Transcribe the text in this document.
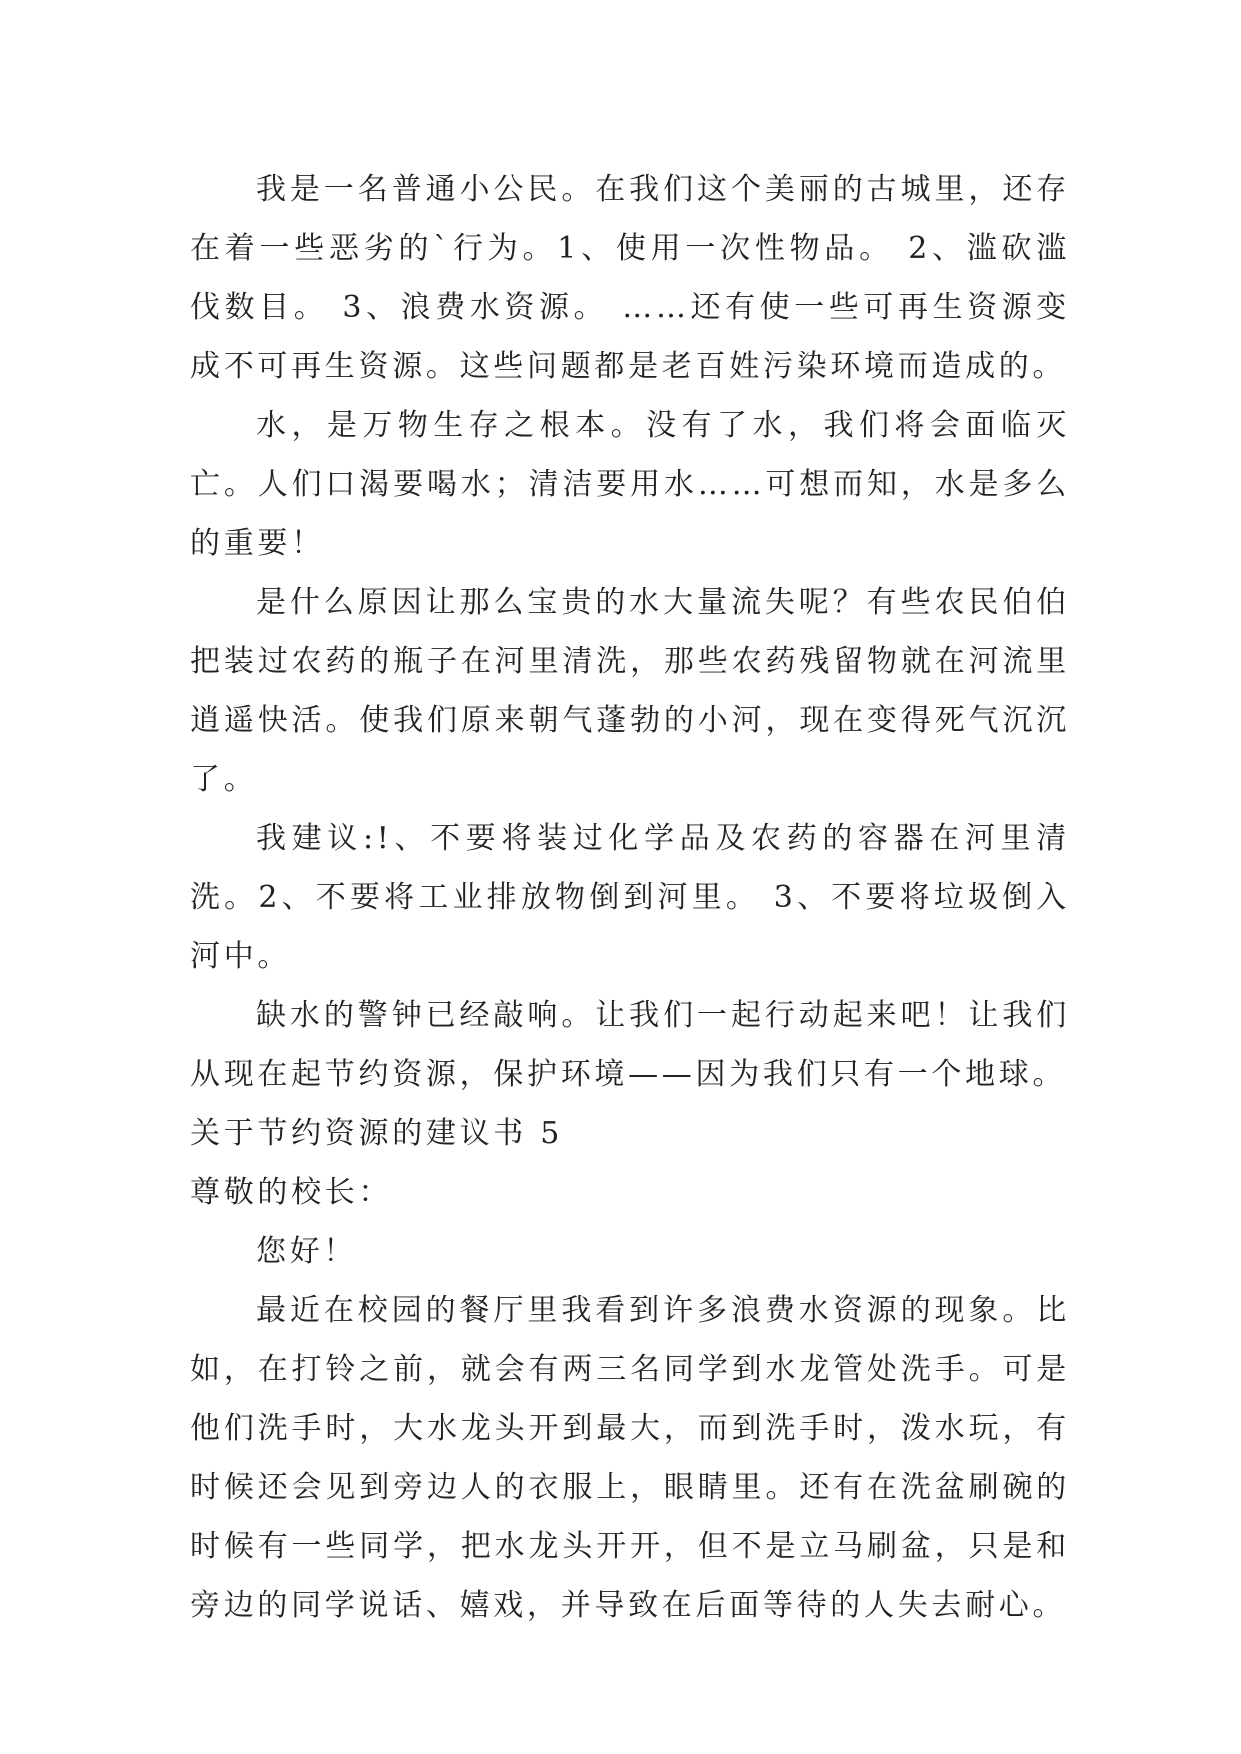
我是一名普通小公民。在我们这个美丽的古城里，还存在着一些恶劣的`行为。1、使用一次性物品。 2、滥砍滥伐数目。 3、浪费水资源。 ……还有使一些可再生资源变成不可再生资源。这些问题都是老百姓污染环境而造成的。

水，是万物生存之根本。没有了水，我们将会面临灭亡。人们口渴要喝水；清洁要用水……可想而知，水是多么的重要！

是什么原因让那么宝贵的水大量流失呢？有些农民伯伯把装过农药的瓶子在河里清洗，那些农药残留物就在河流里逍遥快活。使我们原来朝气蓬勃的小河，现在变得死气沉沉了。

我建议:!、不要将装过化学品及农药的容器在河里清洗。2、不要将工业排放物倒到河里。 3、不要将垃圾倒入河中。

缺水的警钟已经敲响。让我们一起行动起来吧！让我们从现在起节约资源，保护环境——因为我们只有一个地球。

关于节约资源的建议书 5

尊敬的校长：

您好！

最近在校园的餐厅里我看到许多浪费水资源的现象。比如，在打铃之前，就会有两三名同学到水龙管处洗手。可是他们洗手时，大水龙头开到最大，而到洗手时，泼水玩，有时候还会见到旁边人的衣服上，眼睛里。还有在洗盆刷碗的时候有一些同学，把水龙头开开，但不是立马刷盆，只是和旁边的同学说话、嬉戏，并导致在后面等待的人失去耐心。
